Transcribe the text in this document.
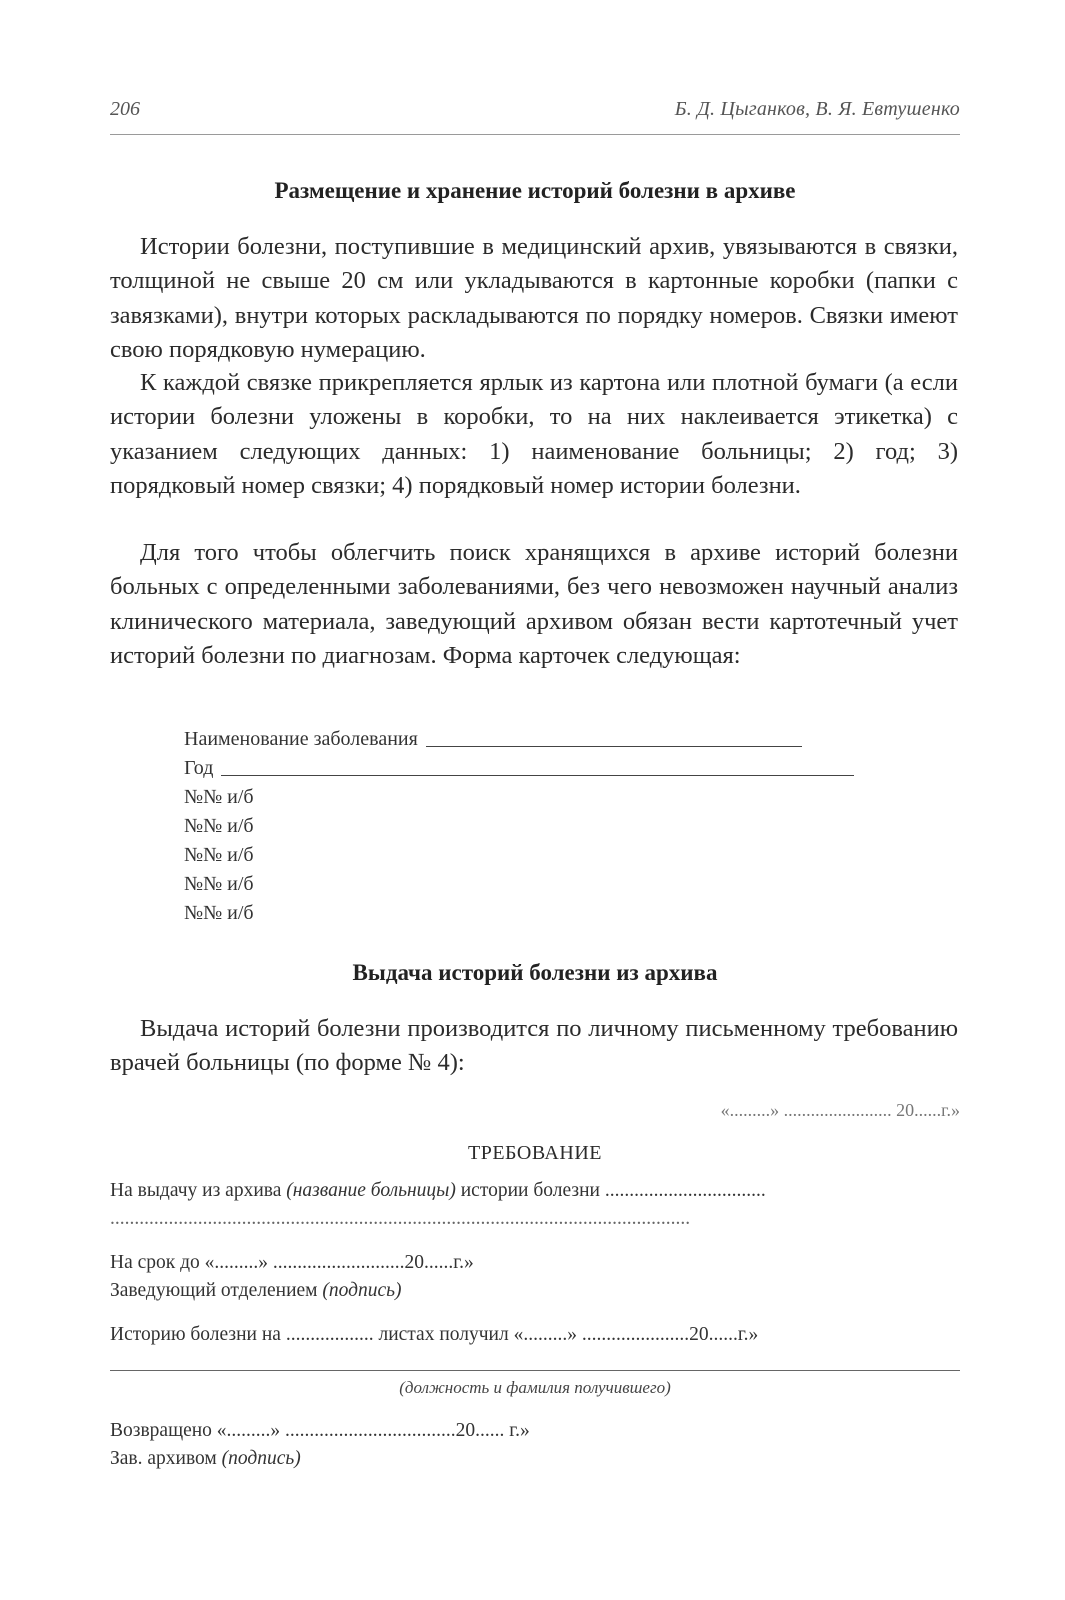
206	Б. Д. Цыганков, В. Я. Евтушенко
Размещение и хранение историй болезни в архиве

Истории болезни, поступившие в медицинский архив, увязываются в связки, толщиной не свыше 20 см или укладываются в картонные коробки (папки с завязками), внутри которых раскладываются по порядку номеров. Связки имеют свою порядковую нумерацию.

К каждой связке прикрепляется ярлык из картона или плотной бумаги (а если истории болезни уложены в коробки, то на них наклеивается этикетка) с указанием следующих данных: 1) наименование больницы; 2) год; 3) порядковый номер связки; 4) порядковый номер истории болезни.

Для того чтобы облегчить поиск хранящихся в архиве историй болезни больных с определенными заболеваниями, без чего невозможен научный анализ клинического материала, заведующий архивом обязан вести картотечный учет историй болезни по диагнозам. Форма карточек следующая:

Наименование заболевания
Год
№№ и/б
№№ и/б
№№ и/б
№№ и/б
№№ и/б
Выдача историй болезни из архива

Выдача историй болезни производится по личному письменному требованию врачей больницы (по форме № 4):

«.........» ........................ 20......г.»
ТРЕБОВАНИЕ
На выдачу из архива (название больницы) истории болезни .................................
.......................................................................................................................
На срок до «.........» ...........................20......г.»
Заведующий отделением (подпись)
Историю болезни на .................. листах получил «.........» ......................20......г.»
(должность и фамилия получившего)
Возвращено «.........» ...................................20...... г.»
Зав. архивом (подпись)
